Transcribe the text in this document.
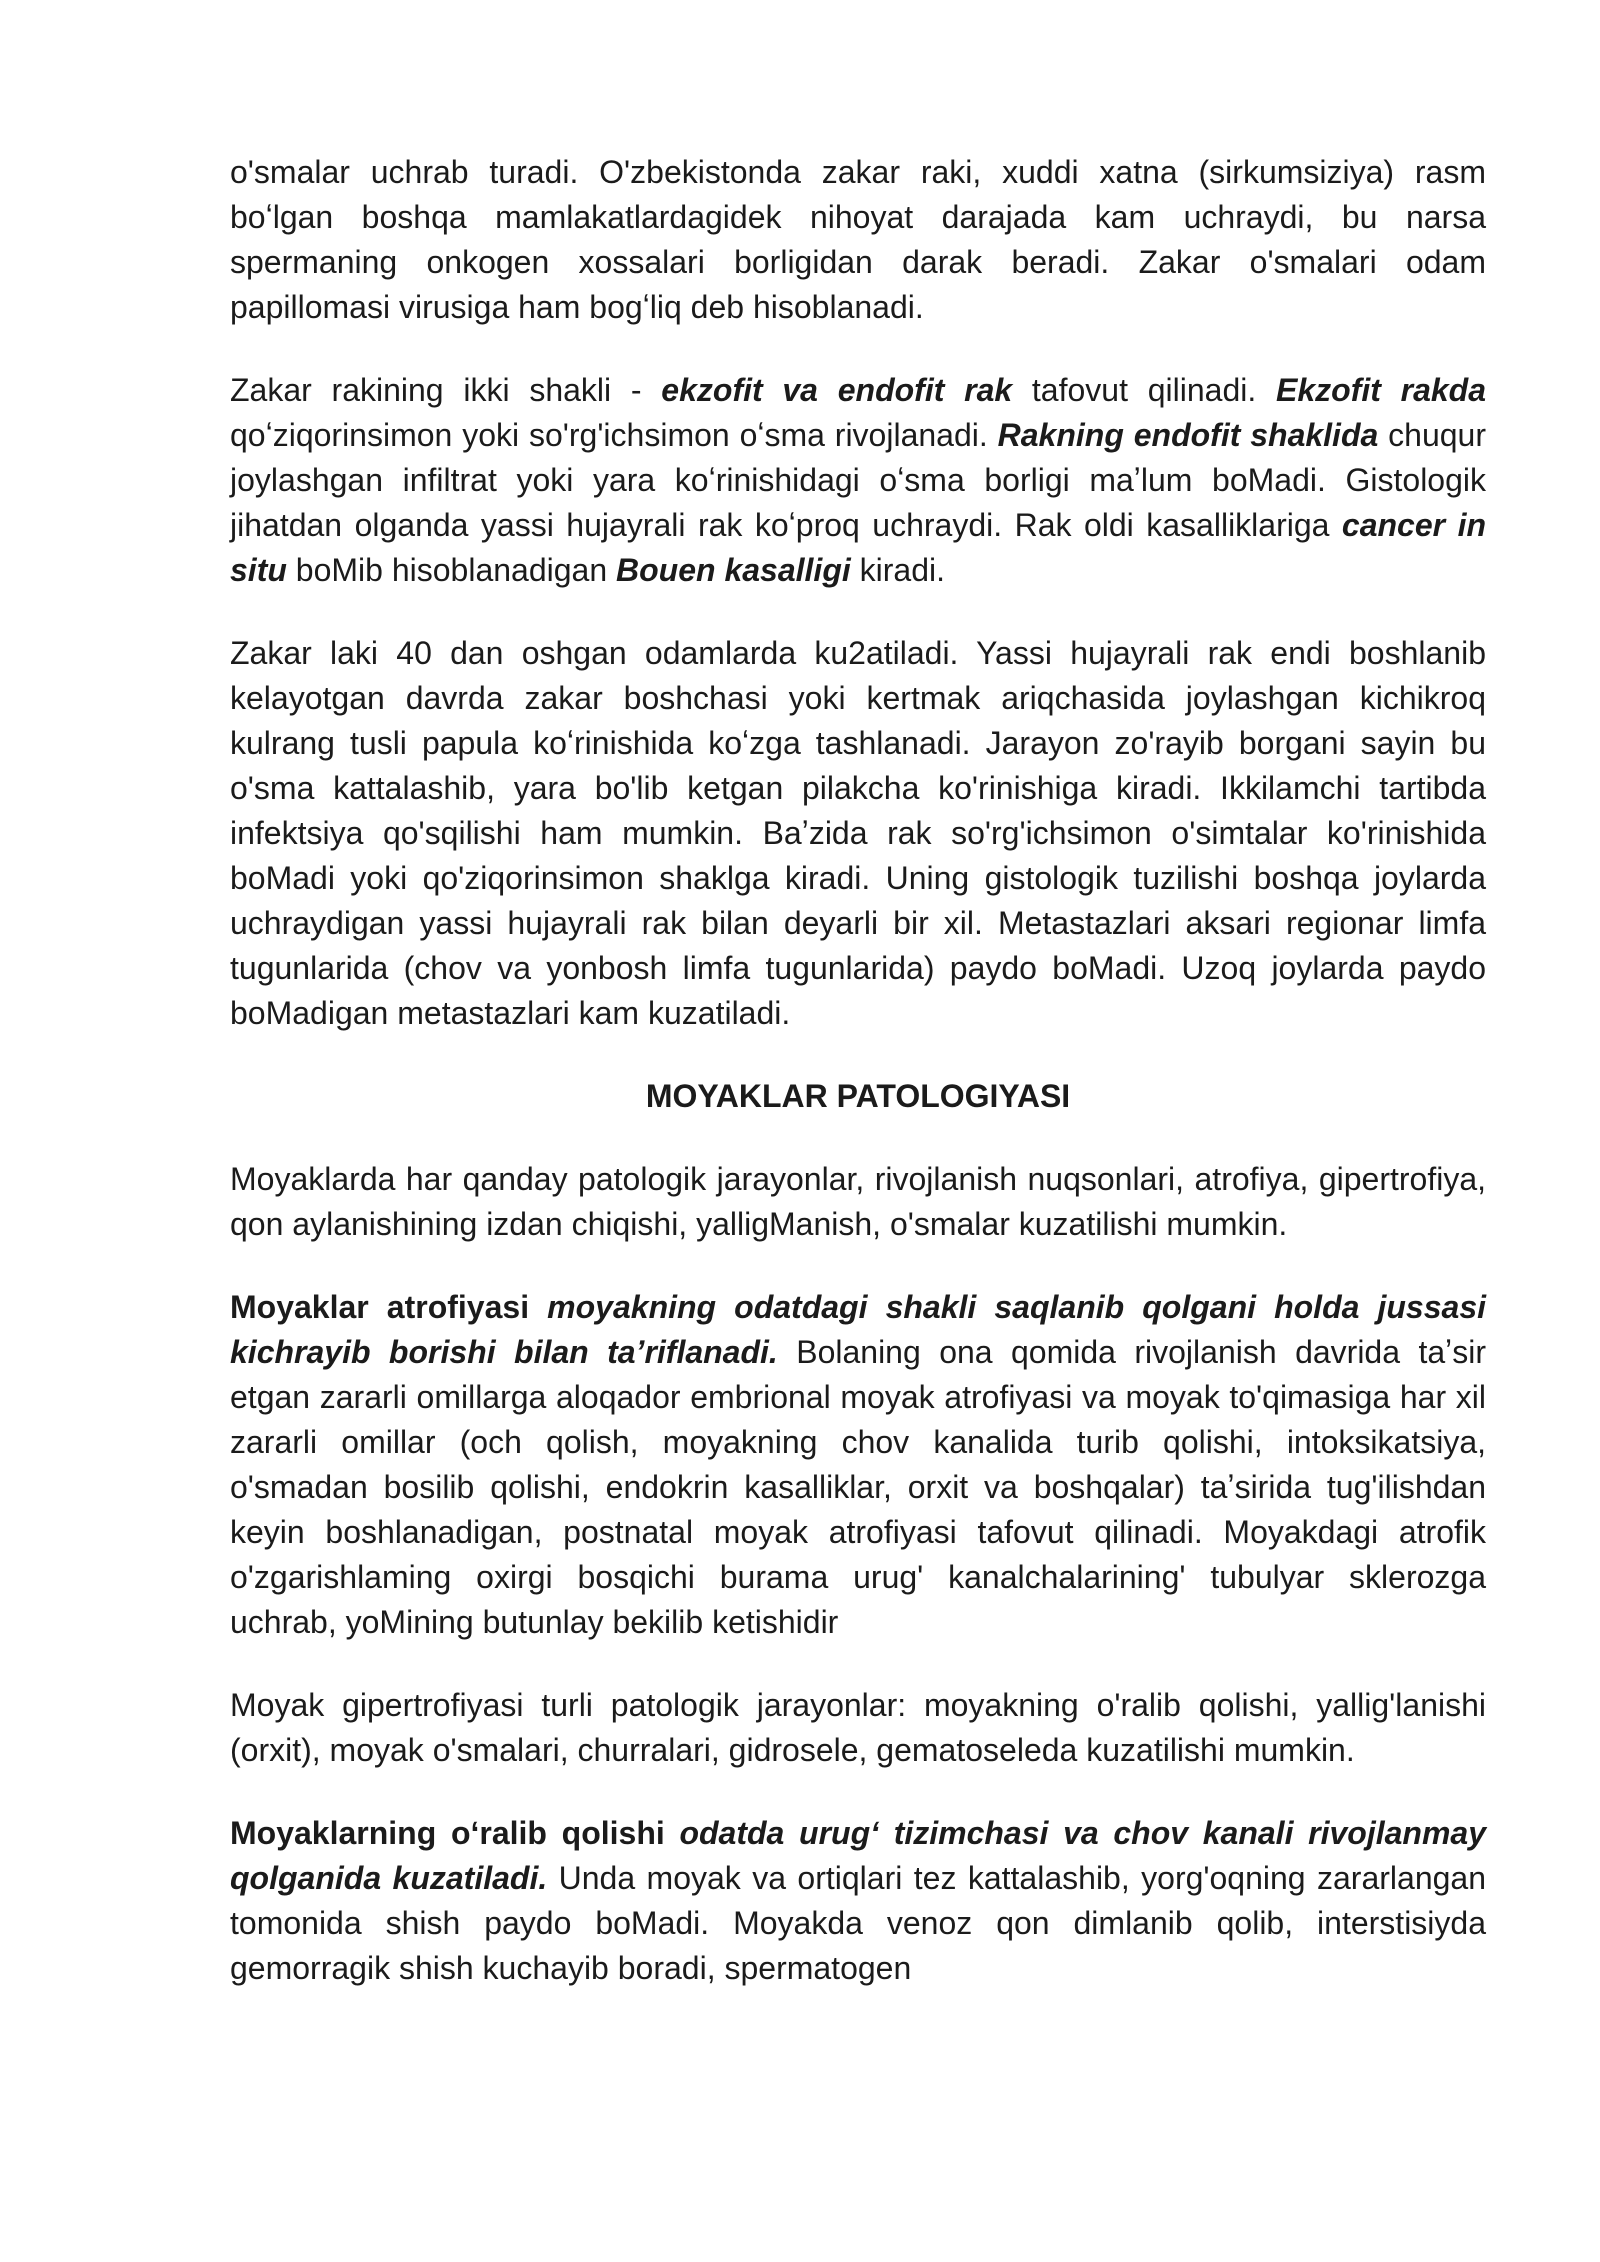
o'smalar uchrab turadi. O'zbekistonda zakar raki, xuddi xatna (sirkumsiziya) rasm boʻlgan boshqa mamlakatlardagidek nihoyat darajada kam uchraydi, bu narsa spermaning onkogen xossalari borligidan darak beradi. Zakar o'smalari odam papillomasi virusiga ham bogʻliq deb hisoblanadi.

Zakar rakining ikki shakli - ekzofit va endofit rak tafovut qilinadi. Ekzofit rakda qoʻziqorinsimon yoki so'rg'ichsimon oʻsma rivojlanadi. Rakning endofit shaklida chuqur joylashgan infiltrat yoki yara koʻrinishidagi oʻsma borligi maʼlum boMadi. Gistologik jihatdan olganda yassi hujayrali rak koʻproq uchraydi. Rak oldi kasalliklariga cancer in situ boMib hisoblanadigan Bouen kasalligi kiradi.

Zakar laki 40 dan oshgan odamlarda ku2atiladi. Yassi hujayrali rak endi boshlanib kelayotgan davrda zakar boshchasi yoki kertmak ariqchasida joylashgan kichikroq kulrang tusli papula koʻrinishida koʻzga tashlanadi. Jarayon zo'rayib borgani sayin bu o'sma kattalashib, yara bo'lib ketgan pilakcha ko'rinishiga kiradi. Ikkilamchi tartibda infektsiya qo'sqilishi ham mumkin. Baʼzida rak so'rg'ichsimon o'simtalar ko'rinishida boMadi yoki qo'ziqorinsimon shaklga kiradi. Uning gistologik tuzilishi boshqa joylarda uchraydigan yassi hujayrali rak bilan deyarli bir xil. Metastazlari aksari regionar limfa tugunlarida (chov va yonbosh limfa tugunlarida) paydo boMadi. Uzoq joylarda paydo boMadigan metastazlari kam kuzatiladi.

MOYAKLAR PATOLOGIYASI

Moyaklarda har qanday patologik jarayonlar, rivojlanish nuqsonlari, atrofiya, gipertrofiya, qon aylanishining izdan chiqishi, yalligManish, o'smalar kuzatilishi mumkin.

Moyaklar atrofiyasi moyakning odatdagi shakli saqlanib qolgani holda jussasi kichrayib borishi bilan taʼriflanadi. Bolaning ona qomida rivojlanish davrida taʼsir etgan zararli omillarga aloqador embrional moyak atrofiyasi va moyak to'qimasiga har xil zararli omillar (och qolish, moyakning chov kanalida turib qolishi, intoksikatsiya, o'smadan bosilib qolishi, endokrin kasalliklar, orxit va boshqalar) taʼsirida tug'ilishdan keyin boshlanadigan, postnatal moyak atrofiyasi tafovut qilinadi. Moyakdagi atrofik o'zgarishlaming oxirgi bosqichi burama urug' kanalchalarining' tubulyar sklerozga uchrab, yoMining butunlay bekilib ketishidir

Moyak gipertrofiyasi turli patologik jarayonlar: moyakning o'ralib qolishi, yallig'lanishi (orxit), moyak o'smalari, churralari, gidrosele, gematoseleda kuzatilishi mumkin.

Moyaklarning oʻralib qolishi odatda urugʻ tizimchasi va chov kanali rivojlanmay qolganida kuzatiladi. Unda moyak va ortiqlari tez kattalashib, yorg'oqning zararlangan tomonida shish paydo boMadi. Moyakda venoz qon dimlanib qolib, interstisiyda gemorragik shish kuchayib boradi, spermatogen
